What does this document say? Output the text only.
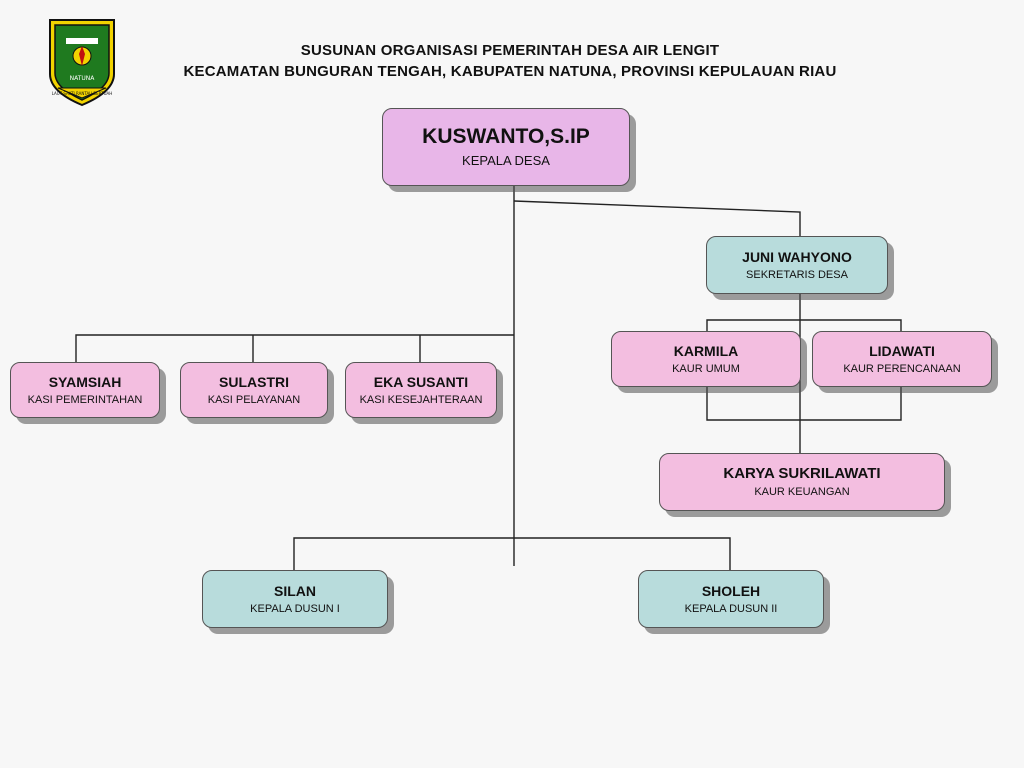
NATUNA
LAUT SAKTI RANTAU BERTUAH
SUSUNAN ORGANISASI PEMERINTAH DESA AIR LENGIT
KECAMATAN BUNGURAN TENGAH, KABUPATEN NATUNA, PROVINSI KEPULAUAN RIAU
KUSWANTO,S.IP
KEPALA DESA
JUNI WAHYONO
SEKRETARIS DESA
KARMILA
KAUR UMUM
LIDAWATI
KAUR PERENCANAAN
KARYA SUKRILAWATI
KAUR KEUANGAN
SYAMSIAH
KASI PEMERINTAHAN
SULASTRI
KASI PELAYANAN
EKA SUSANTI
KASI KESEJAHTERAAN
SILAN
KEPALA DUSUN I
SHOLEH
KEPALA DUSUN II
